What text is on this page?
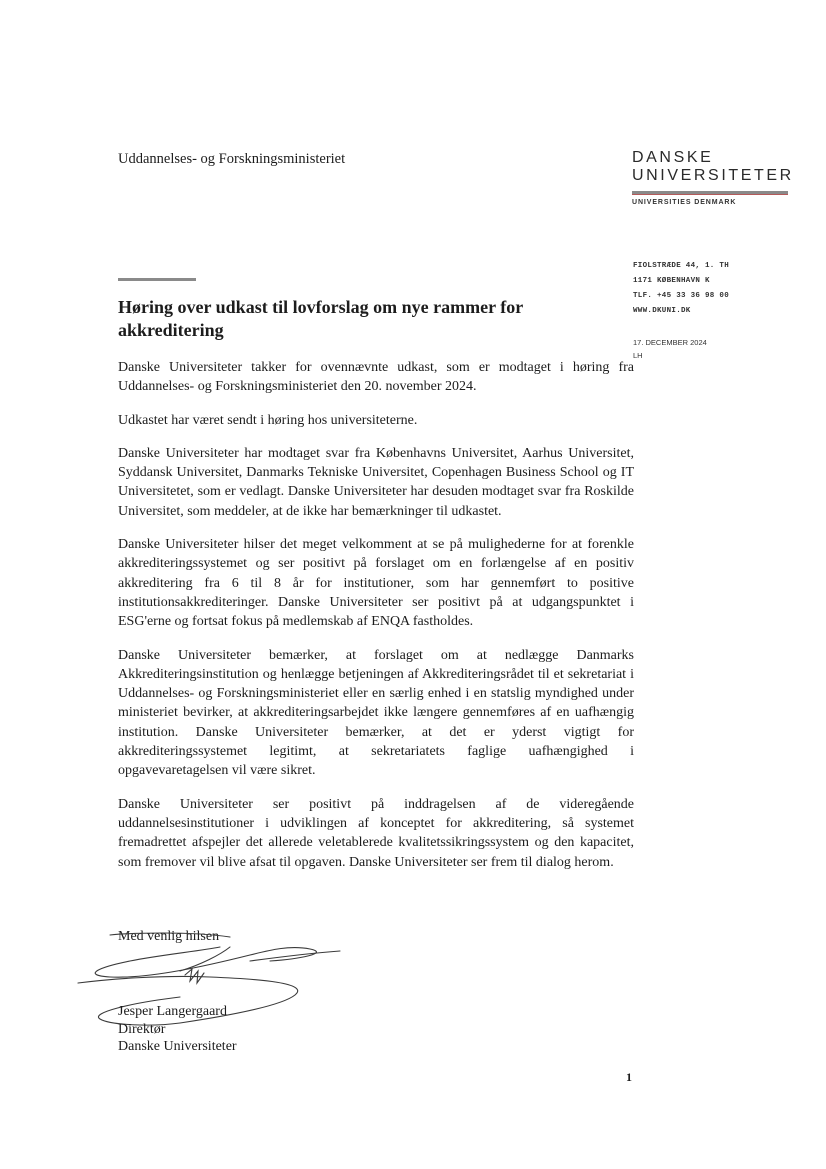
Uddannelses- og Forskningsministeriet	DANSKE
UNIVERSITETER
UNIVERSITIES DENMARK
FIOLSTRÆDE 44, 1. TH
1171 KØBENHAVN K
TLF. +45 33 36 98 00
WWW.DKUNI.DK
17. DECEMBER 2024
LH
Høring over udkast til lovforslag om nye rammer for akkreditering

Danske Universiteter takker for ovennævnte udkast, som er modtaget i høring fra Uddannelses- og Forskningsministeriet den 20. november 2024.

Udkastet har været sendt i høring hos universiteterne.

Danske Universiteter har modtaget svar fra Københavns Universitet, Aarhus Universitet, Syddansk Universitet, Danmarks Tekniske Universitet, Copenhagen Business School og IT Universitetet, som er vedlagt. Danske Universiteter har desuden modtaget svar fra Roskilde Universitet, som meddeler, at de ikke har bemærkninger til udkastet.

Danske Universiteter hilser det meget velkomment at se på mulighederne for at forenkle akkrediteringssystemet og ser positivt på forslaget om en forlængelse af en positiv akkreditering fra 6 til 8 år for institutioner, som har gennemført to positive institutionsakkrediteringer. Danske Universiteter ser positivt på at udgangspunktet i ESG'erne og fortsat fokus på medlemskab af ENQA fastholdes.

Danske Universiteter bemærker, at forslaget om at nedlægge Danmarks Akkrediteringsinstitution og henlægge betjeningen af Akkrediteringsrådet til et sekretariat i Uddannelses- og Forskningsministeriet eller en særlig enhed i en statslig myndighed under ministeriet bevirker, at akkrediteringsarbejdet ikke længere gennemføres af en uafhængig institution. Danske Universiteter bemærker, at det er yderst vigtigt for akkrediteringssystemet legitimt, at sekretariatets faglige uafhængighed i opgavevaretagelsen vil være sikret.

Danske Universiteter ser positivt på inddragelsen af de videregående uddannelsesinstitutioner i udviklingen af konceptet for akkreditering, så systemet fremadrettet afspejler det allerede veletablerede kvalitetssikringssystem og den kapacitet, som fremover vil blive afsat til opgaven. Danske Universiteter ser frem til dialog herom.

Med venlig hilsen
Jesper Langergaard
Direktør
Danske Universiteter
1
